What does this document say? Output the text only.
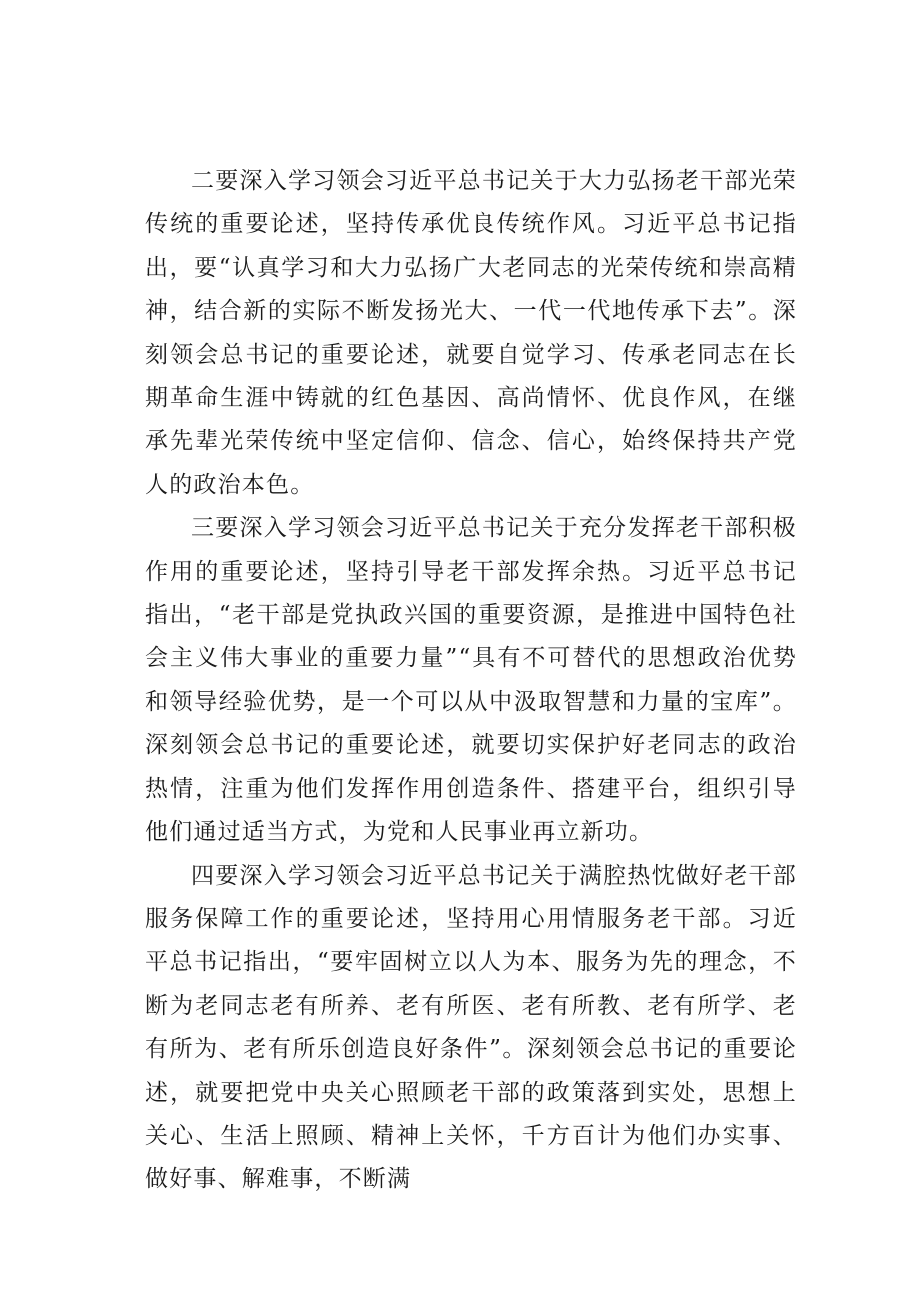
二要深入学习领会习近平总书记关于大力弘扬老干部光荣传统的重要论述，坚持传承优良传统作风。习近平总书记指出，要“认真学习和大力弘扬广大老同志的光荣传统和崇高精神，结合新的实际不断发扬光大、一代一代地传承下去”。深刻领会总书记的重要论述，就要自觉学习、传承老同志在长期革命生涯中铸就的红色基因、高尚情怀、优良作风，在继承先辈光荣传统中坚定信仰、信念、信心，始终保持共产党人的政治本色。

三要深入学习领会习近平总书记关于充分发挥老干部积极作用的重要论述，坚持引导老干部发挥余热。习近平总书记指出，“老干部是党执政兴国的重要资源，是推进中国特色社会主义伟大事业的重要力量”“具有不可替代的思想政治优势和领导经验优势，是一个可以从中汲取智慧和力量的宝库”。深刻领会总书记的重要论述，就要切实保护好老同志的政治热情，注重为他们发挥作用创造条件、搭建平台，组织引导他们通过适当方式，为党和人民事业再立新功。

四要深入学习领会习近平总书记关于满腔热忱做好老干部服务保障工作的重要论述，坚持用心用情服务老干部。习近平总书记指出，“要牢固树立以人为本、服务为先的理念，不断为老同志老有所养、老有所医、老有所教、老有所学、老有所为、老有所乐创造良好条件”。深刻领会总书记的重要论述，就要把党中央关心照顾老干部的政策落到实处，思想上关心、生活上照顾、精神上关怀，千方百计为他们办实事、做好事、解难事，不断满
